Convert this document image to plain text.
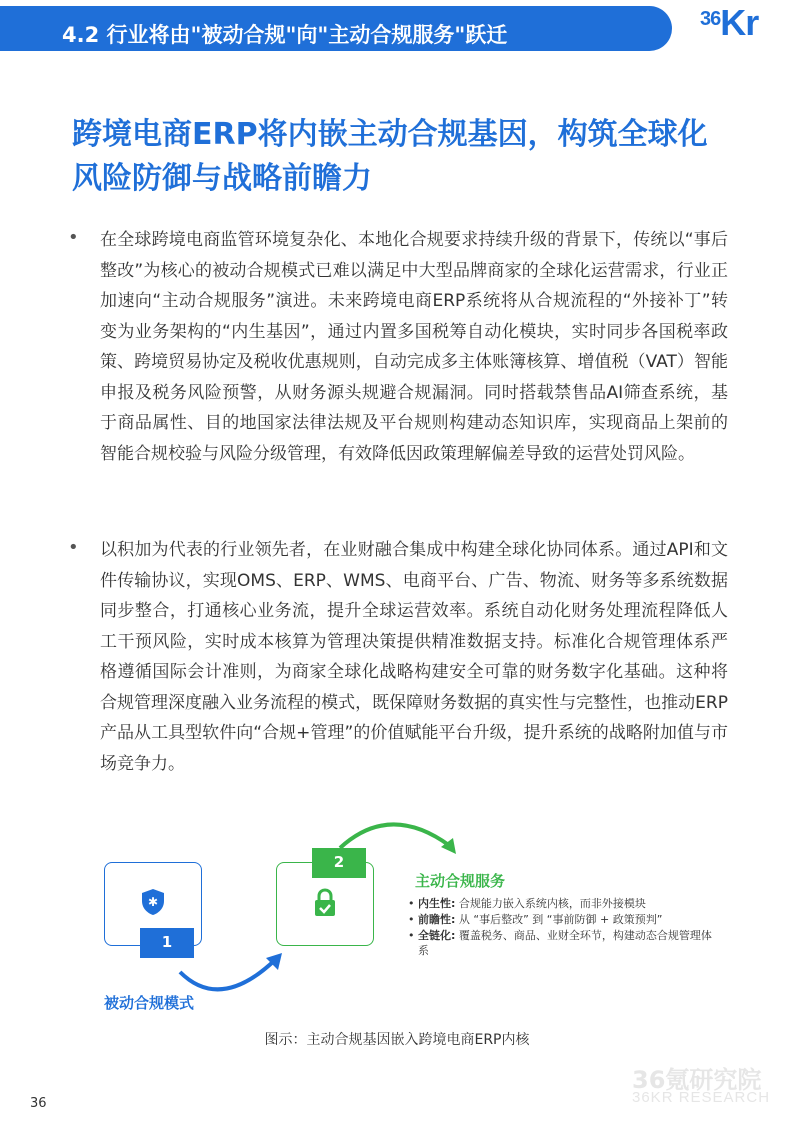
4.2 行业将由"被动合规"向"主动合规服务"跃迁
$^{36}$Kr
跨境电商ERP将内嵌主动合规基因，构筑全球化风险防御与战略前瞻力
• 在全球跨境电商监管环境复杂化、本地化合规要求持续升级的背景下，传统以“事后整改”为核心的被动合规模式已难以满足中大型品牌商家的全球化运营需求，行业正加速向“主动合规服务”演进。未来跨境电商ERP系统将从合规流程的“外接补丁”转变为业务架构的“内生基因”，通过内置多国税筹自动化模块，实时同步各国税率政策、跨境贸易协定及税收优惠规则，自动完成多主体账簿核算、增值税（VAT）智能申报及税务风险预警，从财务源头规避合规漏洞。同时搭载禁售品AI筛查系统，基于商品属性、目的地国家法律法规及平台规则构建动态知识库，实现商品上架前的智能合规校验与风险分级管理，有效降低因政策理解偏差导致的运营处罚风险。
• 以积加为代表的行业领先者，在业财融合集成中构建全球化协同体系。通过API和文件传输协议，实现OMS、ERP、WMS、电商平台、广告、物流、财务等多系统数据同步整合，打通核心业务流，提升全球运营效率。系统自动化财务处理流程降低人工干预风险，实时成本核算为管理决策提供精准数据支持。标准化合规管理体系严格遵循国际会计准则，为商家全球化战略构建安全可靠的财务数字化基础。这种将合规管理深度融入业务流程的模式，既保障财务数据的真实性与完整性，也推动ERP产品从工具型软件向“合规+管理”的价值赋能平台升级，提升系统的战略附加值与市场竞争力。
✱
1
2
被动合规模式
主动合规服务
• 内生性: 合规能力嵌入系统内核，而非外接模块
• 前瞻性: 从 “事后整改” 到 “事前防御 + 政策预判”
• 全链化: 覆盖税务、商品、业财全环节，构建动态合规管理体系
图示：主动合规基因嵌入跨境电商ERP内核
36氪研究院
36KR RESEARCH
36
